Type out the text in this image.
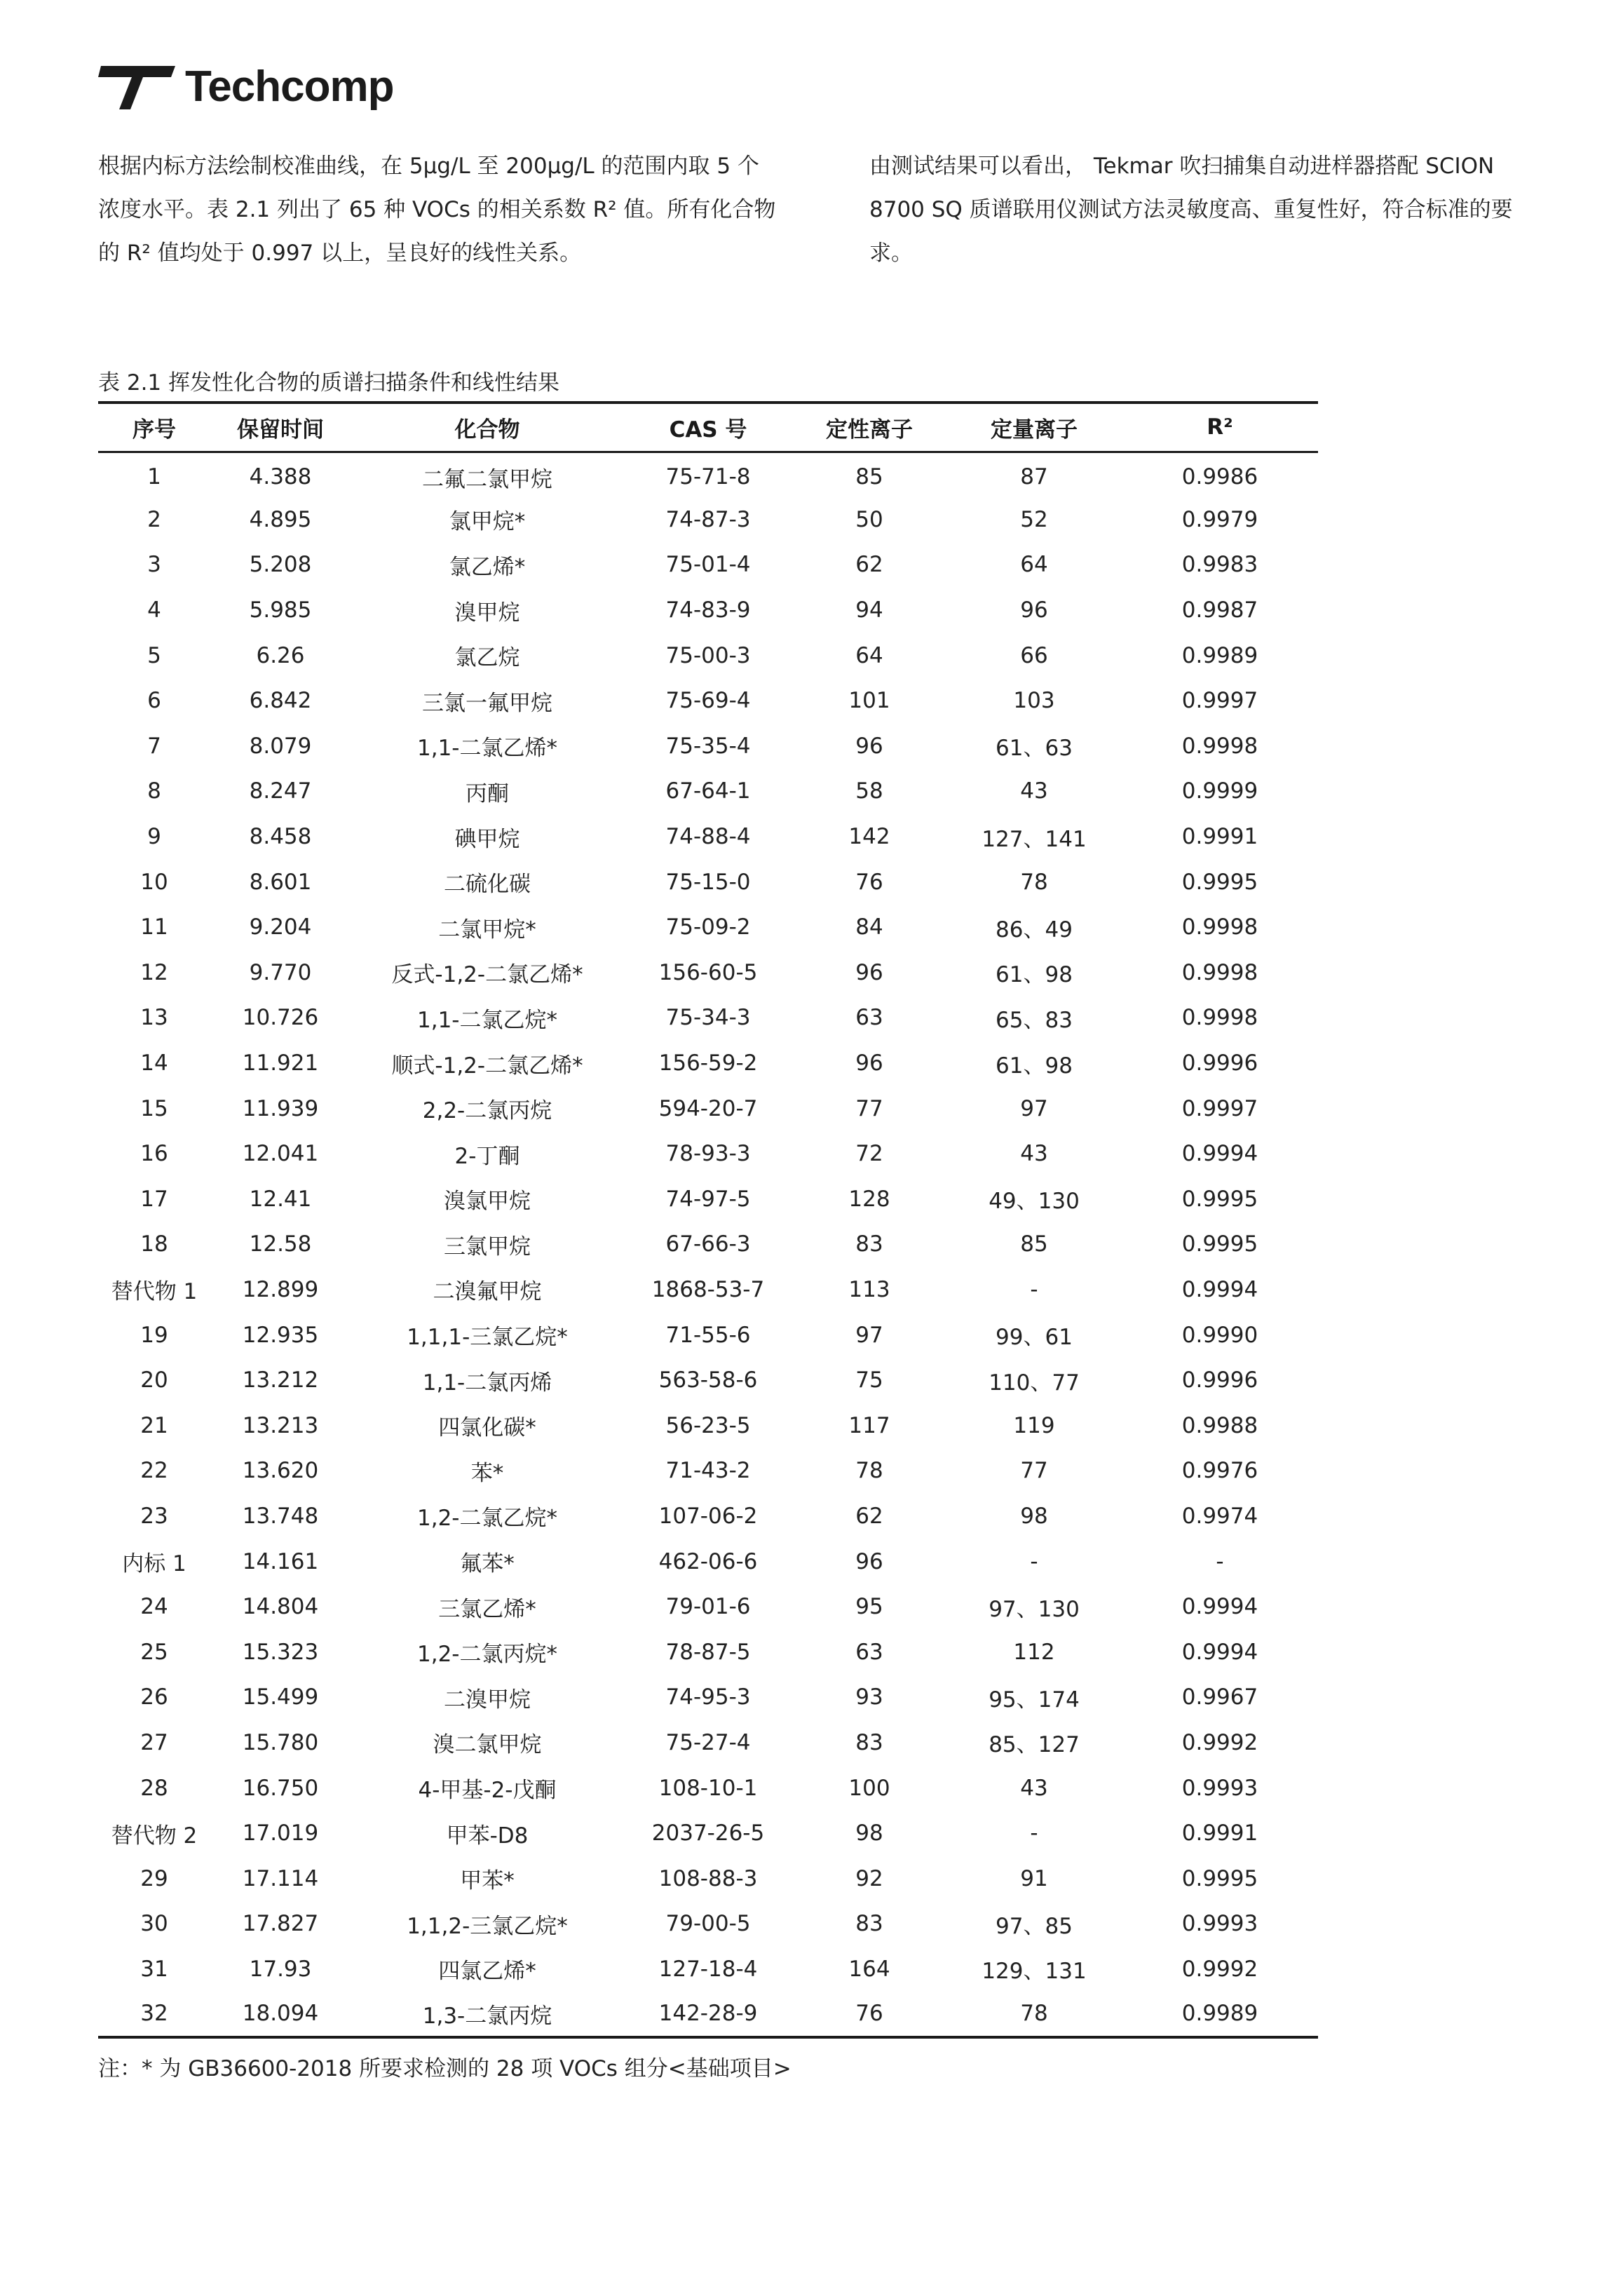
Techcomp
根据内标方法绘制校准曲线，在 5μg/L 至 200μg/L 的范围内取 5 个
浓度水平。表 2.1 列出了 65 种 VOCs 的相关系数 R² 值。所有化合物
的 R² 值均处于 0.997 以上，呈良好的线性关系。
由测试结果可以看出， Tekmar 吹扫捕集自动进样器搭配 SCION
8700 SQ 质谱联用仪测试方法灵敏度高、重复性好，符合标准的要
求。
表 2.1 挥发性化合物的质谱扫描条件和线性结果
序号	保留时间	化合物	CAS 号	定性离子	定量离子	R²
1	4.388	二氟二氯甲烷	75-71-8	85	87	0.9986
2	4.895	氯甲烷*	74-87-3	50	52	0.9979
3	5.208	氯乙烯*	75-01-4	62	64	0.9983
4	5.985	溴甲烷	74-83-9	94	96	0.9987
5	6.26	氯乙烷	75-00-3	64	66	0.9989
6	6.842	三氯一氟甲烷	75-69-4	101	103	0.9997
7	8.079	1,1-二氯乙烯*	75-35-4	96	61、63	0.9998
8	8.247	丙酮	67-64-1	58	43	0.9999
9	8.458	碘甲烷	74-88-4	142	127、141	0.9991
10	8.601	二硫化碳	75-15-0	76	78	0.9995
11	9.204	二氯甲烷*	75-09-2	84	86、49	0.9998
12	9.770	反式-1,2-二氯乙烯*	156-60-5	96	61、98	0.9998
13	10.726	1,1-二氯乙烷*	75-34-3	63	65、83	0.9998
14	11.921	顺式-1,2-二氯乙烯*	156-59-2	96	61、98	0.9996
15	11.939	2,2-二氯丙烷	594-20-7	77	97	0.9997
16	12.041	2-丁酮	78-93-3	72	43	0.9994
17	12.41	溴氯甲烷	74-97-5	128	49、130	0.9995
18	12.58	三氯甲烷	67-66-3	83	85	0.9995
替代物 1	12.899	二溴氟甲烷	1868-53-7	113	-	0.9994
19	12.935	1,1,1-三氯乙烷*	71-55-6	97	99、61	0.9990
20	13.212	1,1-二氯丙烯	563-58-6	75	110、77	0.9996
21	13.213	四氯化碳*	56-23-5	117	119	0.9988
22	13.620	苯*	71-43-2	78	77	0.9976
23	13.748	1,2-二氯乙烷*	107-06-2	62	98	0.9974
内标 1	14.161	氟苯*	462-06-6	96	-	-
24	14.804	三氯乙烯*	79-01-6	95	97、130	0.9994
25	15.323	1,2-二氯丙烷*	78-87-5	63	112	0.9994
26	15.499	二溴甲烷	74-95-3	93	95、174	0.9967
27	15.780	溴二氯甲烷	75-27-4	83	85、127	0.9992
28	16.750	4-甲基-2-戊酮	108-10-1	100	43	0.9993
替代物 2	17.019	甲苯-D8	2037-26-5	98	-	0.9991
29	17.114	甲苯*	108-88-3	92	91	0.9995
30	17.827	1,1,2-三氯乙烷*	79-00-5	83	97、85	0.9993
31	17.93	四氯乙烯*	127-18-4	164	129、131	0.9992
32	18.094	1,3-二氯丙烷	142-28-9	76	78	0.9989
注：* 为 GB36600-2018 所要求检测的 28 项 VOCs 组分<基础项目>
